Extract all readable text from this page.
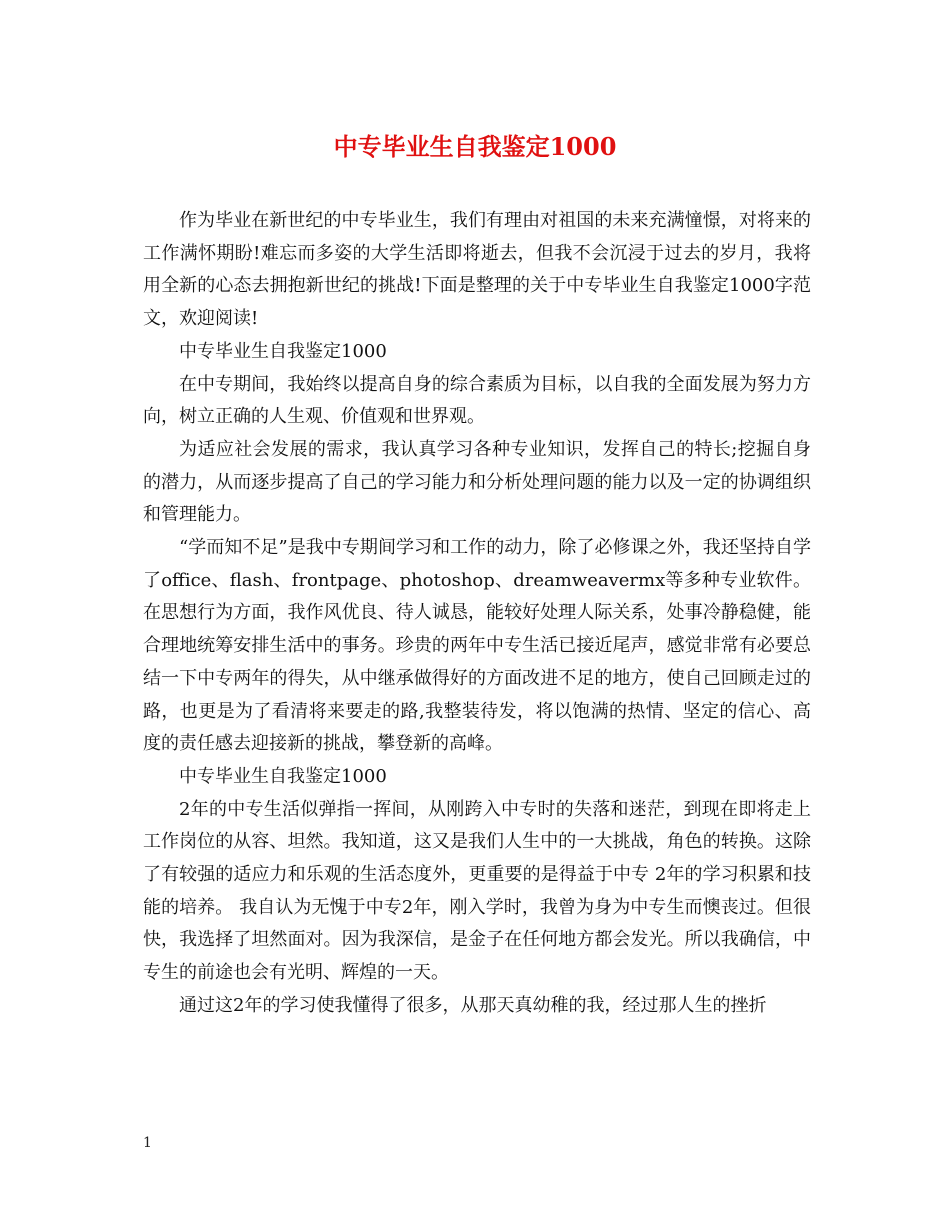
中专毕业生自我鉴定1000

作为毕业在新世纪的中专毕业生，我们有理由对祖国的未来充满憧憬，对将来的工作满怀期盼!难忘而多姿的大学生活即将逝去，但我不会沉浸于过去的岁月，我将用全新的心态去拥抱新世纪的挑战!下面是整理的关于中专毕业生自我鉴定1000字范文，欢迎阅读!

中专毕业生自我鉴定1000

在中专期间，我始终以提高自身的综合素质为目标，以自我的全面发展为努力方向，树立正确的人生观、价值观和世界观。

为适应社会发展的需求，我认真学习各种专业知识，发挥自己的特长;挖掘自身的潜力，从而逐步提高了自己的学习能力和分析处理问题的能力以及一定的协调组织和管理能力。

“学而知不足”是我中专期间学习和工作的动力，除了必修课之外，我还坚持自学了office、flash、frontpage、photoshop、dreamweavermx等多种专业软件。在思想行为方面，我作风优良、待人诚恳，能较好处理人际关系，处事冷静稳健，能合理地统筹安排生活中的事务。珍贵的两年中专生活已接近尾声，感觉非常有必要总结一下中专两年的得失，从中继承做得好的方面改进不足的地方，使自己回顾走过的路，也更是为了看清将来要走的路,我整装待发，将以饱满的热情、坚定的信心、高度的责任感去迎接新的挑战，攀登新的高峰。

中专毕业生自我鉴定1000

2年的中专生活似弹指一挥间，从刚跨入中专时的失落和迷茫，到现在即将走上工作岗位的从容、坦然。我知道，这又是我们人生中的一大挑战，角色的转换。这除了有较强的适应力和乐观的生活态度外，更重要的是得益于中专 2年的学习积累和技能的培养。 我自认为无愧于中专2年，刚入学时，我曾为身为中专生而懊丧过。但很快，我选择了坦然面对。因为我深信，是金子在任何地方都会发光。所以我确信，中专生的前途也会有光明、辉煌的一天。

通过这2年的学习使我懂得了很多，从那天真幼稚的我，经过那人生的挫折

1
